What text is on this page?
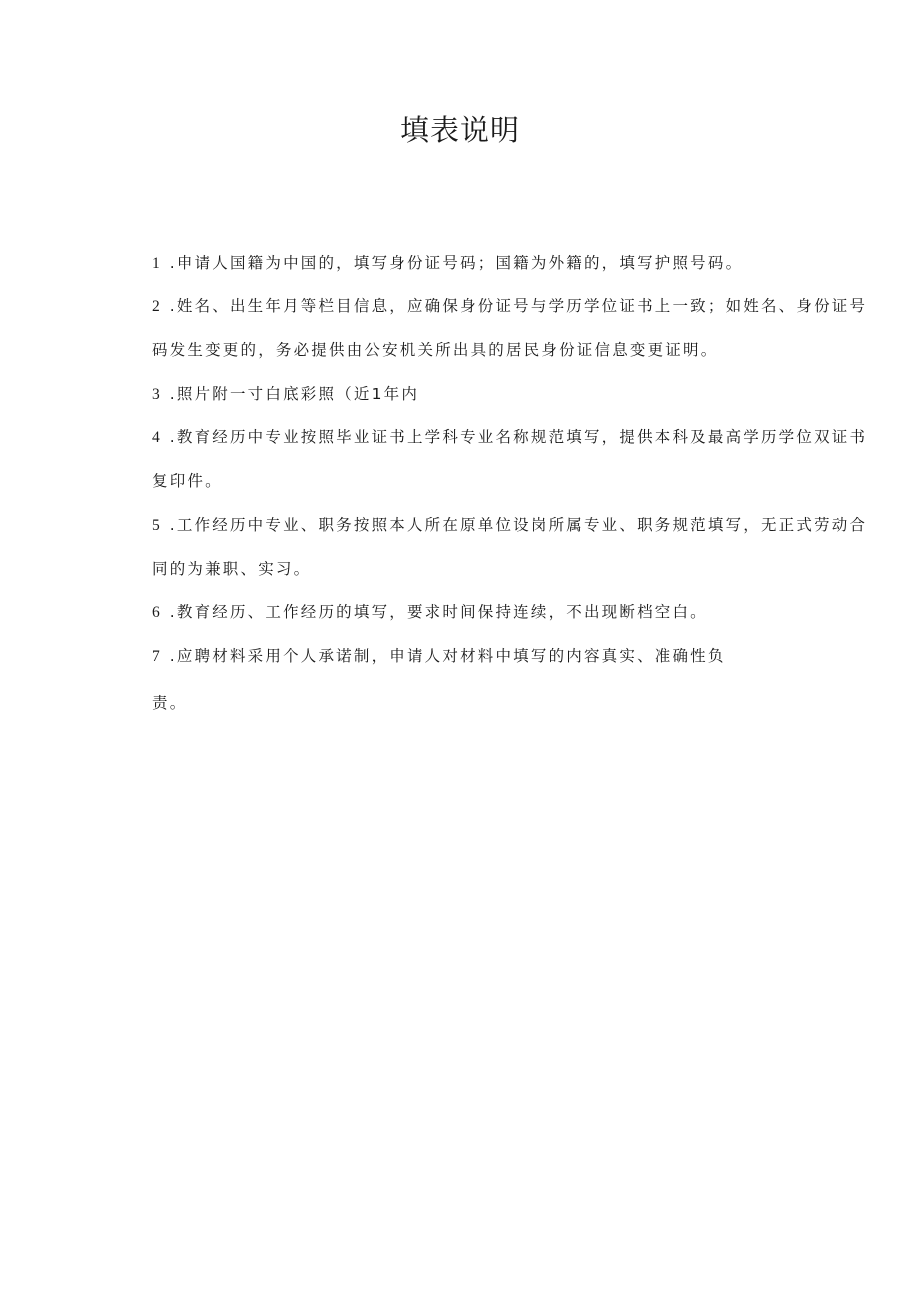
填表说明

1 .申请人国籍为中国的，填写身份证号码；国籍为外籍的，填写护照号码。

2 .姓名、出生年月等栏目信息，应确保身份证号与学历学位证书上一致；如姓名、身份证号

码发生变更的，务必提供由公安机关所出具的居民身份证信息变更证明。

3 .照片附一寸白底彩照（近1年内

4 .教育经历中专业按照毕业证书上学科专业名称规范填写，提供本科及最高学历学位双证书

复印件。

5 .工作经历中专业、职务按照本人所在原单位设岗所属专业、职务规范填写，无正式劳动合

同的为兼职、实习。

6 .教育经历、工作经历的填写，要求时间保持连续，不出现断档空白。

7 .应聘材料采用个人承诺制，申请人对材料中填写的内容真实、准确性负

责。
